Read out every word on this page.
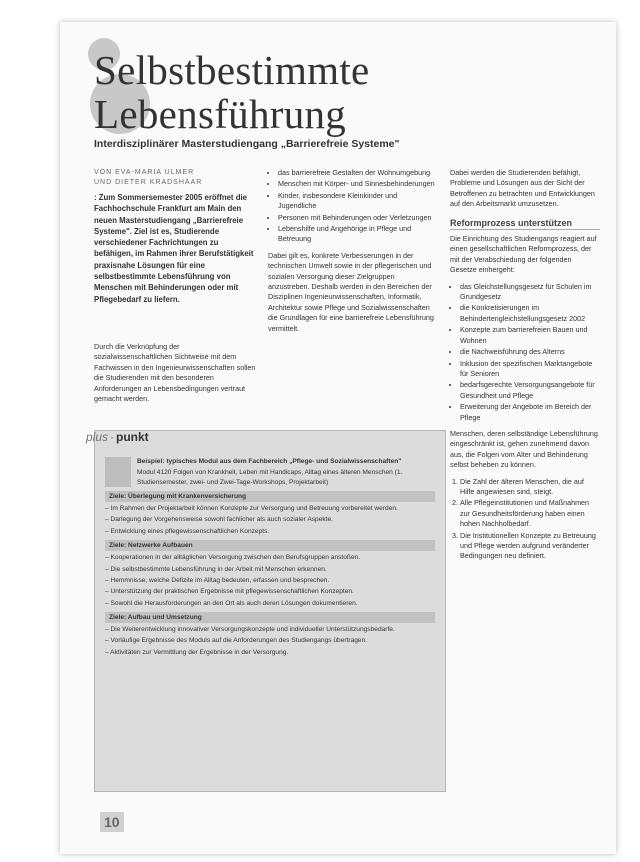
Selbstbestimmte
Lebensführung
Interdisziplinärer Masterstudiengang „Barrierefreie Systeme"
VON EVA-MARIA ULMER
UND DIETER KRADSHAAR
: Zum Sommersemester 2005 eröffnet die Fachhochschule Frankfurt am Main den neuen Masterstudiengang „Barrierefreie Systeme". Ziel ist es, Studierende verschiedener Fachrichtungen zu befähigen, im Rahmen ihrer Berufstätigkeit praxisnahe Lösungen für eine selbstbestimmte Lebensführung von Menschen mit Behinderungen oder mit Pflegebedarf zu liefern.

Durch die Verknüpfung der sozialwissenschaftlichen Sichtweise mit dem Fachwissen in den Ingenieurwissenschaften sollen die Studierenden mit den besonderen Anforderungen an Lebensbedingungen vertraut gemacht werden.

• das barrierefreie Gestalten der Wohnumgebung
• Menschen mit Körper- und Sinnesbehinderungen
• Kinder, insbesondere Kleinkinder und Jugendliche
• Personen mit Behinderungen oder Verletzungen
• Lebenshilfe und Angehörige in Pflege und Betreuung

Dabei gilt es, konkrete Verbesserungen in der technischen Umwelt sowie in der pflegerischen und sozialen Versorgung dieser Zielgruppen anzustreben. Deshalb werden in den Bereichen der Disziplinen Ingenieurwissenschaften, Informatik, Architektur sowie Pflege und Sozialwissenschaften die Grundlagen für eine barrierefreie Lebensführung vermittelt.

Dabei werden die Studierenden befähigt, Probleme und Lösungen aus der Sicht der Betroffenen zu betrachten und Entwicklungen auf den Arbeitsmarkt umzusetzen.

Reformprozess unterstützen

Die Einrichtung des Studiengangs reagiert auf einen gesellschaftlichen Reformprozess, der mit der Verabschiedung der folgenden Gesetze einhergeht:

• das Gleichstellungsgesetz für Schulen im Grundgesetz
• die Konkretisierungen im Behindertengleichstellungsgesetz 2002
• Konzepte zum barrierefreien Bauen und Wohnen
• die Nachweisführung des Alterns
• Inklusion der spezifischen Marktangebote für Senioren
• bedarfsgerechte Versorgungsangebote für Gesundheit und Pflege
• Erweiterung der Angebote im Bereich der Pflege

Menschen, deren selbständige Lebensführung eingeschränkt ist, gehen zunehmend davon aus, die Folgen vom Alter und Behinderung selbst beheben zu können.

1. Die Zahl der älteren Menschen, die auf Hilfe angewiesen sind, steigt.
2. Alle Pflegeinstitutionen und Maßnahmen zur Gesundheitsförderung haben einen hohen Nachholbedarf.
3. Die Institutionellen Konzepte zu Betreuung und Pflege werden aufgrund veränderter Bedingungen neu definiert.

Beispiel: typisches Modul aus dem Fachbereich „Pflege- und Sozialwissenschaften"

Modul 4120 Folgen von Krankheit, Leben mit Handicaps, Alltag eines älteren Menschen (1. Studiensemester, zwei- und Zwei-Tage-Workshops, Projektarbeit)

Ziele: Überlegung mit Krankenversicherung

– Im Rahmen der Projektarbeit können Konzepte zur Versorgung und Betreuung vorbereitet werden.

– Darlegung der Vorgehensweise sowohl fachlicher als auch sozialer Aspekte.

– Entwicklung eines pflegewissenschaftlichen Konzepts.

Ziele: Netzwerke Aufbauen

– Kooperationen in der alltäglichen Versorgung zwischen den Berufsgruppen anstoßen.

– Die selbstbestimmte Lebensführung in der Arbeit mit Menschen erkennen.

– Hemmnisse, welche Defizite im Alltag bedeuten, erfassen und besprechen.

– Unterstützung der praktischen Ergebnisse mit pflegewissenschaftlichen Konzepten.

– Sowohl die Herausforderungen an den Ort als auch deren Lösungen dokumentieren.

Ziele: Aufbau und Umsetzung

– Die Weiterentwicklung innovativer Versorgungskonzepte und individueller Unterstützungsbedarfe.

– Vorläufige Ergebnisse des Moduls auf die Anforderungen des Studiengangs übertragen.

– Aktivitäten zur Vermittlung der Ergebnisse in der Versorgung.

plus · punkt
10
